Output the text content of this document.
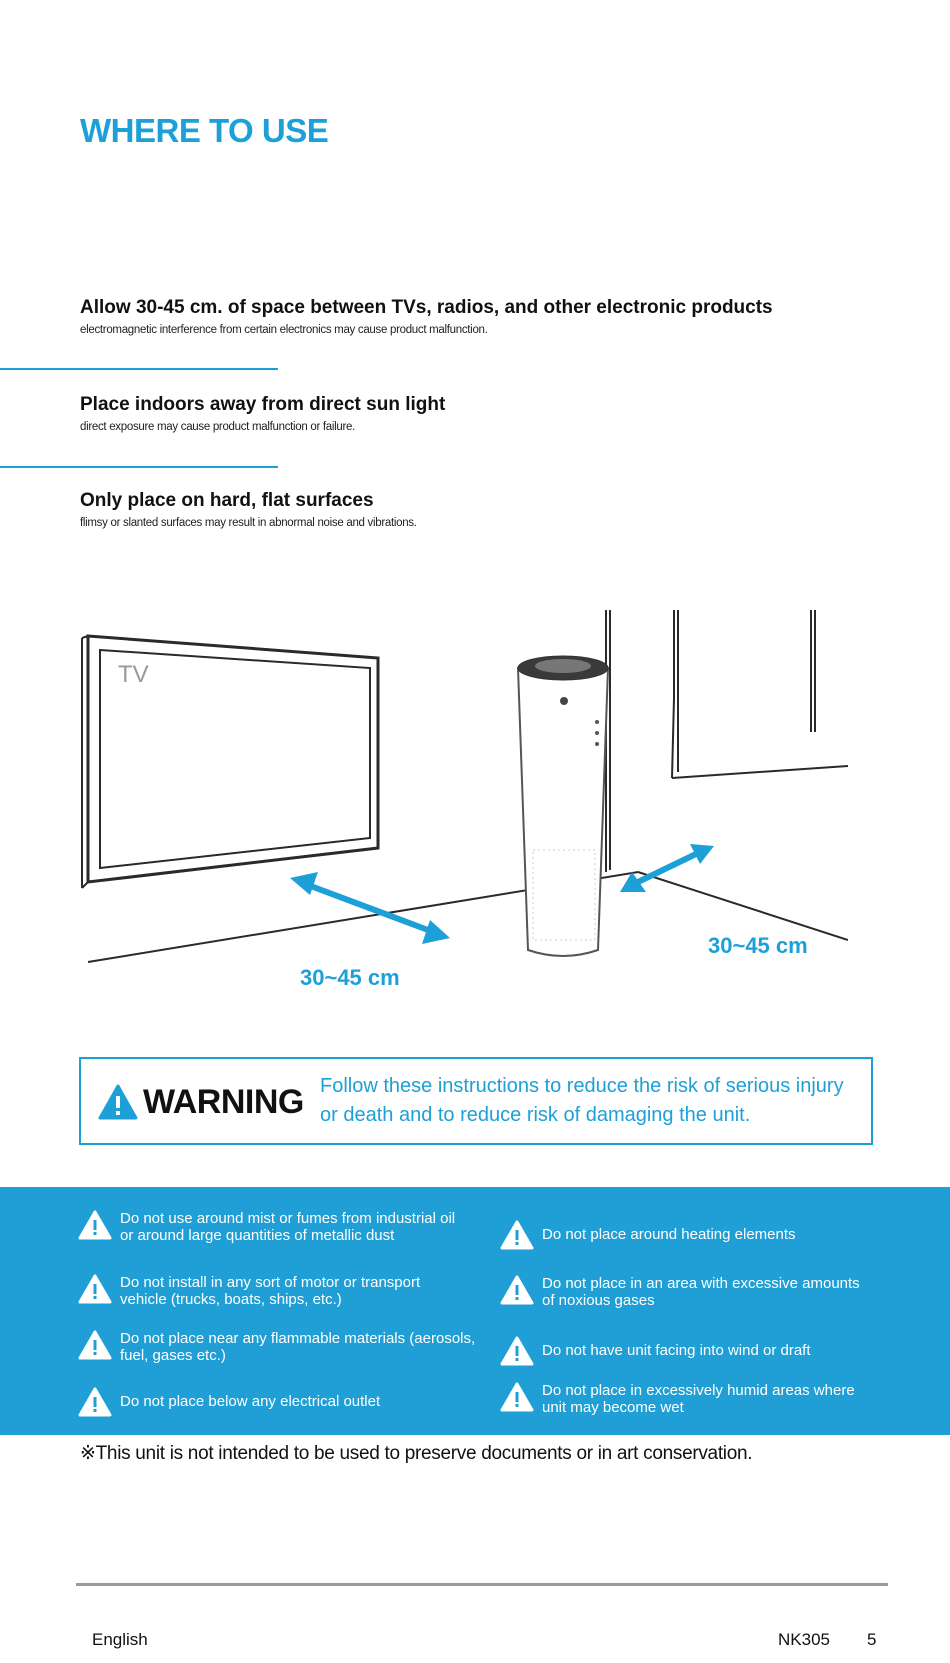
WHERE TO USE
Allow 30-45 cm. of space between TVs, radios, and other electronic products
electromagnetic interference from certain electronics may cause product malfunction.
Place indoors away from direct sun light
direct exposure may cause product malfunction or failure.
Only place on hard, flat surfaces
flimsy or slanted surfaces may result in abnormal noise and vibrations.
TV
30~45 cm
30~45 cm
WARNING Follow these instructions to reduce the risk of serious injury or death and to reduce risk of damaging the unit.
Do not use around mist or fumes from industrial oil or around large quantities of metallic dust
Do not install in any sort of motor or transport vehicle (trucks, boats, ships, etc.)
Do not place near any flammable materials (aerosols, fuel, gases etc.)
Do not place below any electrical outlet
Do not place around heating elements
Do not place in an area with excessive amounts of noxious gases
Do not have unit facing into wind or draft
Do not place in excessively humid areas where unit may become wet
※This unit is not intended to be used to preserve documents or in art conservation.
English	NK305 5
